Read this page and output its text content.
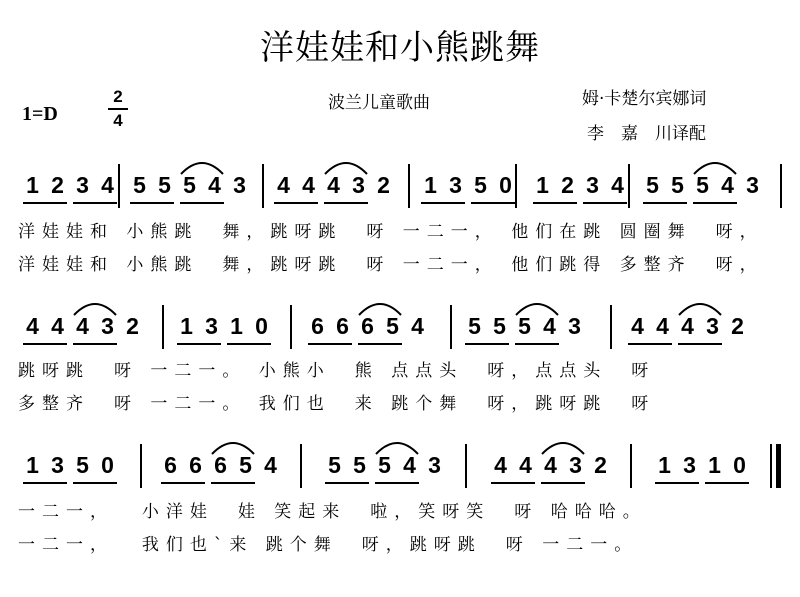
洋娃娃和小熊跳舞
波兰儿童歌曲	姆·卡楚尔宾娜词
李　嘉　川译配
1=D
2
4
1 2 3 4 5 5 5 4 3 4 4 4 3 2 1 3 5 0 1 2 3 4 5 5 5 4 3
洋娃娃和 小熊跳　舞，跳呀跳　呀 一二一， 他们在跳 圆圈舞　呀，
洋娃娃和 小熊跳　舞，跳呀跳　呀 一二一， 他们跳得 多整齐　呀，
4 4 4 3 2 1 3 1 0 6 6 6 5 4 5 5 5 4 3 4 4 4 3 2
跳呀跳　呀 一二一。 小熊小　熊 点点头　呀，点点头　呀
多整齐　呀 一二一。 我们也　来 跳个舞　呀，跳呀跳　呀
1 3 5 0 6 6 6 5 4 5 5 5 4 3 4 4 4 3 2 1 3 1 0
一二一，　 小洋娃　娃 笑起来　啦，笑呀笑　呀 哈哈哈。
一二一，　 我们也`来 跳个舞　呀，跳呀跳　呀 一二一。
